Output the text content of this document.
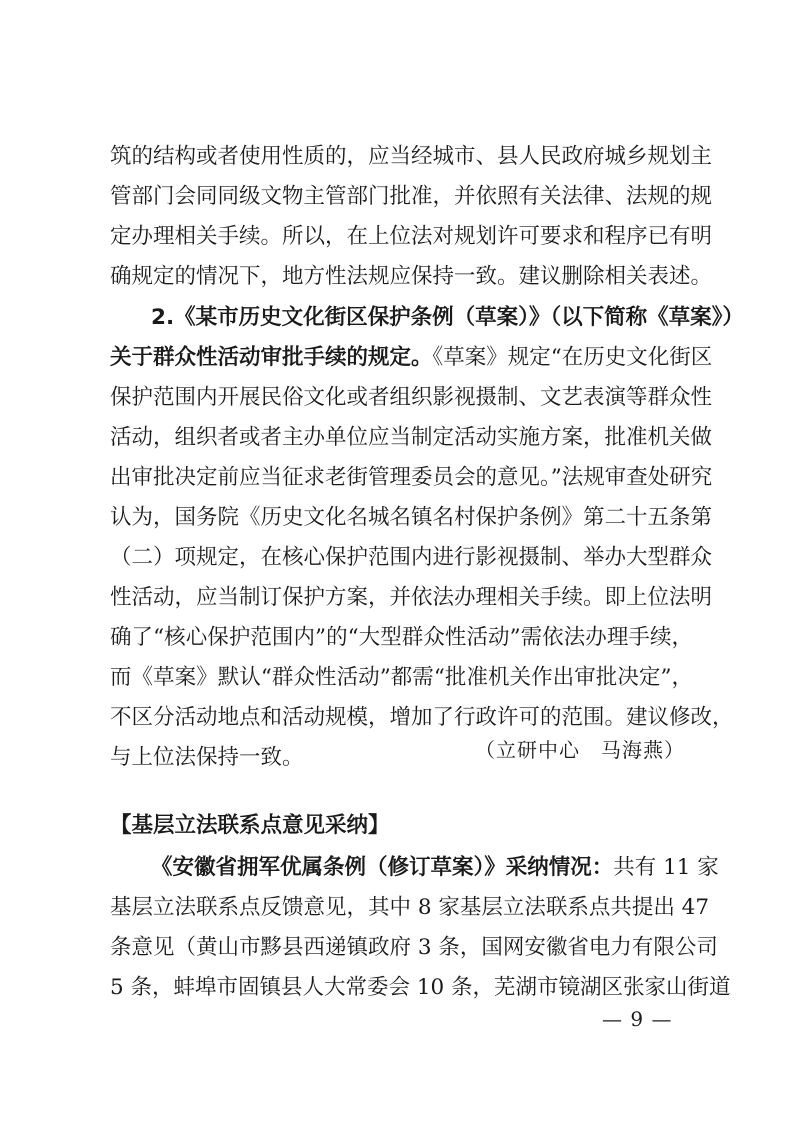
筑的结构或者使用性质的，应当经城市、县人民政府城乡规划主
管部门会同同级文物主管部门批准，并依照有关法律、法规的规
定办理相关手续。所以，在上位法对规划许可要求和程序已有明
确规定的情况下，地方性法规应保持一致。建议删除相关表述。
2.《某市历史文化街区保护条例（草案）》（以下简称《草案》）
关于群众性活动审批手续的规定。《草案》规定“在历史文化街区
保护范围内开展民俗文化或者组织影视摄制、文艺表演等群众性
活动，组织者或者主办单位应当制定活动实施方案，批准机关做
出审批决定前应当征求老街管理委员会的意见。”法规审查处研究
认为，国务院《历史文化名城名镇名村保护条例》第二十五条第
（二）项规定，在核心保护范围内进行影视摄制、举办大型群众
性活动，应当制订保护方案，并依法办理相关手续。即上位法明
确了“核心保护范围内”的“大型群众性活动”需依法办理手续，
而《草案》默认“群众性活动”都需“批准机关作出审批决定”，
不区分活动地点和活动规模，增加了行政许可的范围。建议修改，
与上位法保持一致。	（立研中心　马海燕）
【基层立法联系点意见采纳】
《安徽省拥军优属条例（修订草案）》采纳情况：共有 11 家
基层立法联系点反馈意见，其中 8 家基层立法联系点共提出 47
条意见（黄山市黟县西递镇政府 3 条，国网安徽省电力有限公司
5 条，蚌埠市固镇县人大常委会 10 条，芜湖市镜湖区张家山街道
— 9 —
